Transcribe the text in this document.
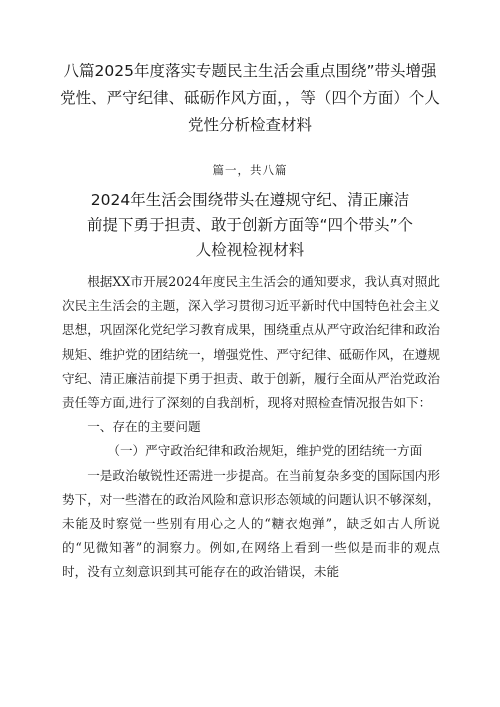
八篇2025年度落实专题民主生活会重点围绕”带头增强党性、严守纪律、砥砺作风方面，，等（四个方面）个人党性分析检查材料
篇一，共八篇
2024年生活会围绕带头在遵规守纪、清正廉洁前提下勇于担责、敢于创新方面等“四个带头”个人检视检视材料

根据XX市开展2024年度民主生活会的通知要求，我认真对照此次民主生活会的主题，深入学习贯彻习近平新时代中国特色社会主义思想，巩固深化党纪学习教育成果，围绕重点从严守政治纪律和政治规矩、维护党的团结统一，增强党性、严守纪律、砥砺作风，在遵规守纪、清正廉洁前提下勇于担责、敢于创新，履行全面从严治党政治责任等方面,进行了深刻的自我剖析，现将对照检查情况报告如下：

一、存在的主要问题

（一）严守政治纪律和政治规矩，维护党的团结统一方面

一是政治敏锐性还需进一步提高。在当前复杂多变的国际国内形势下，对一些潜在的政治风险和意识形态领域的问题认识不够深刻，未能及时察觉一些别有用心之人的“糖衣炮弹”，缺乏如古人所说的“见微知著”的洞察力。例如,在网络上看到一些似是而非的观点时，没有立刻意识到其可能存在的政治错误，未能
